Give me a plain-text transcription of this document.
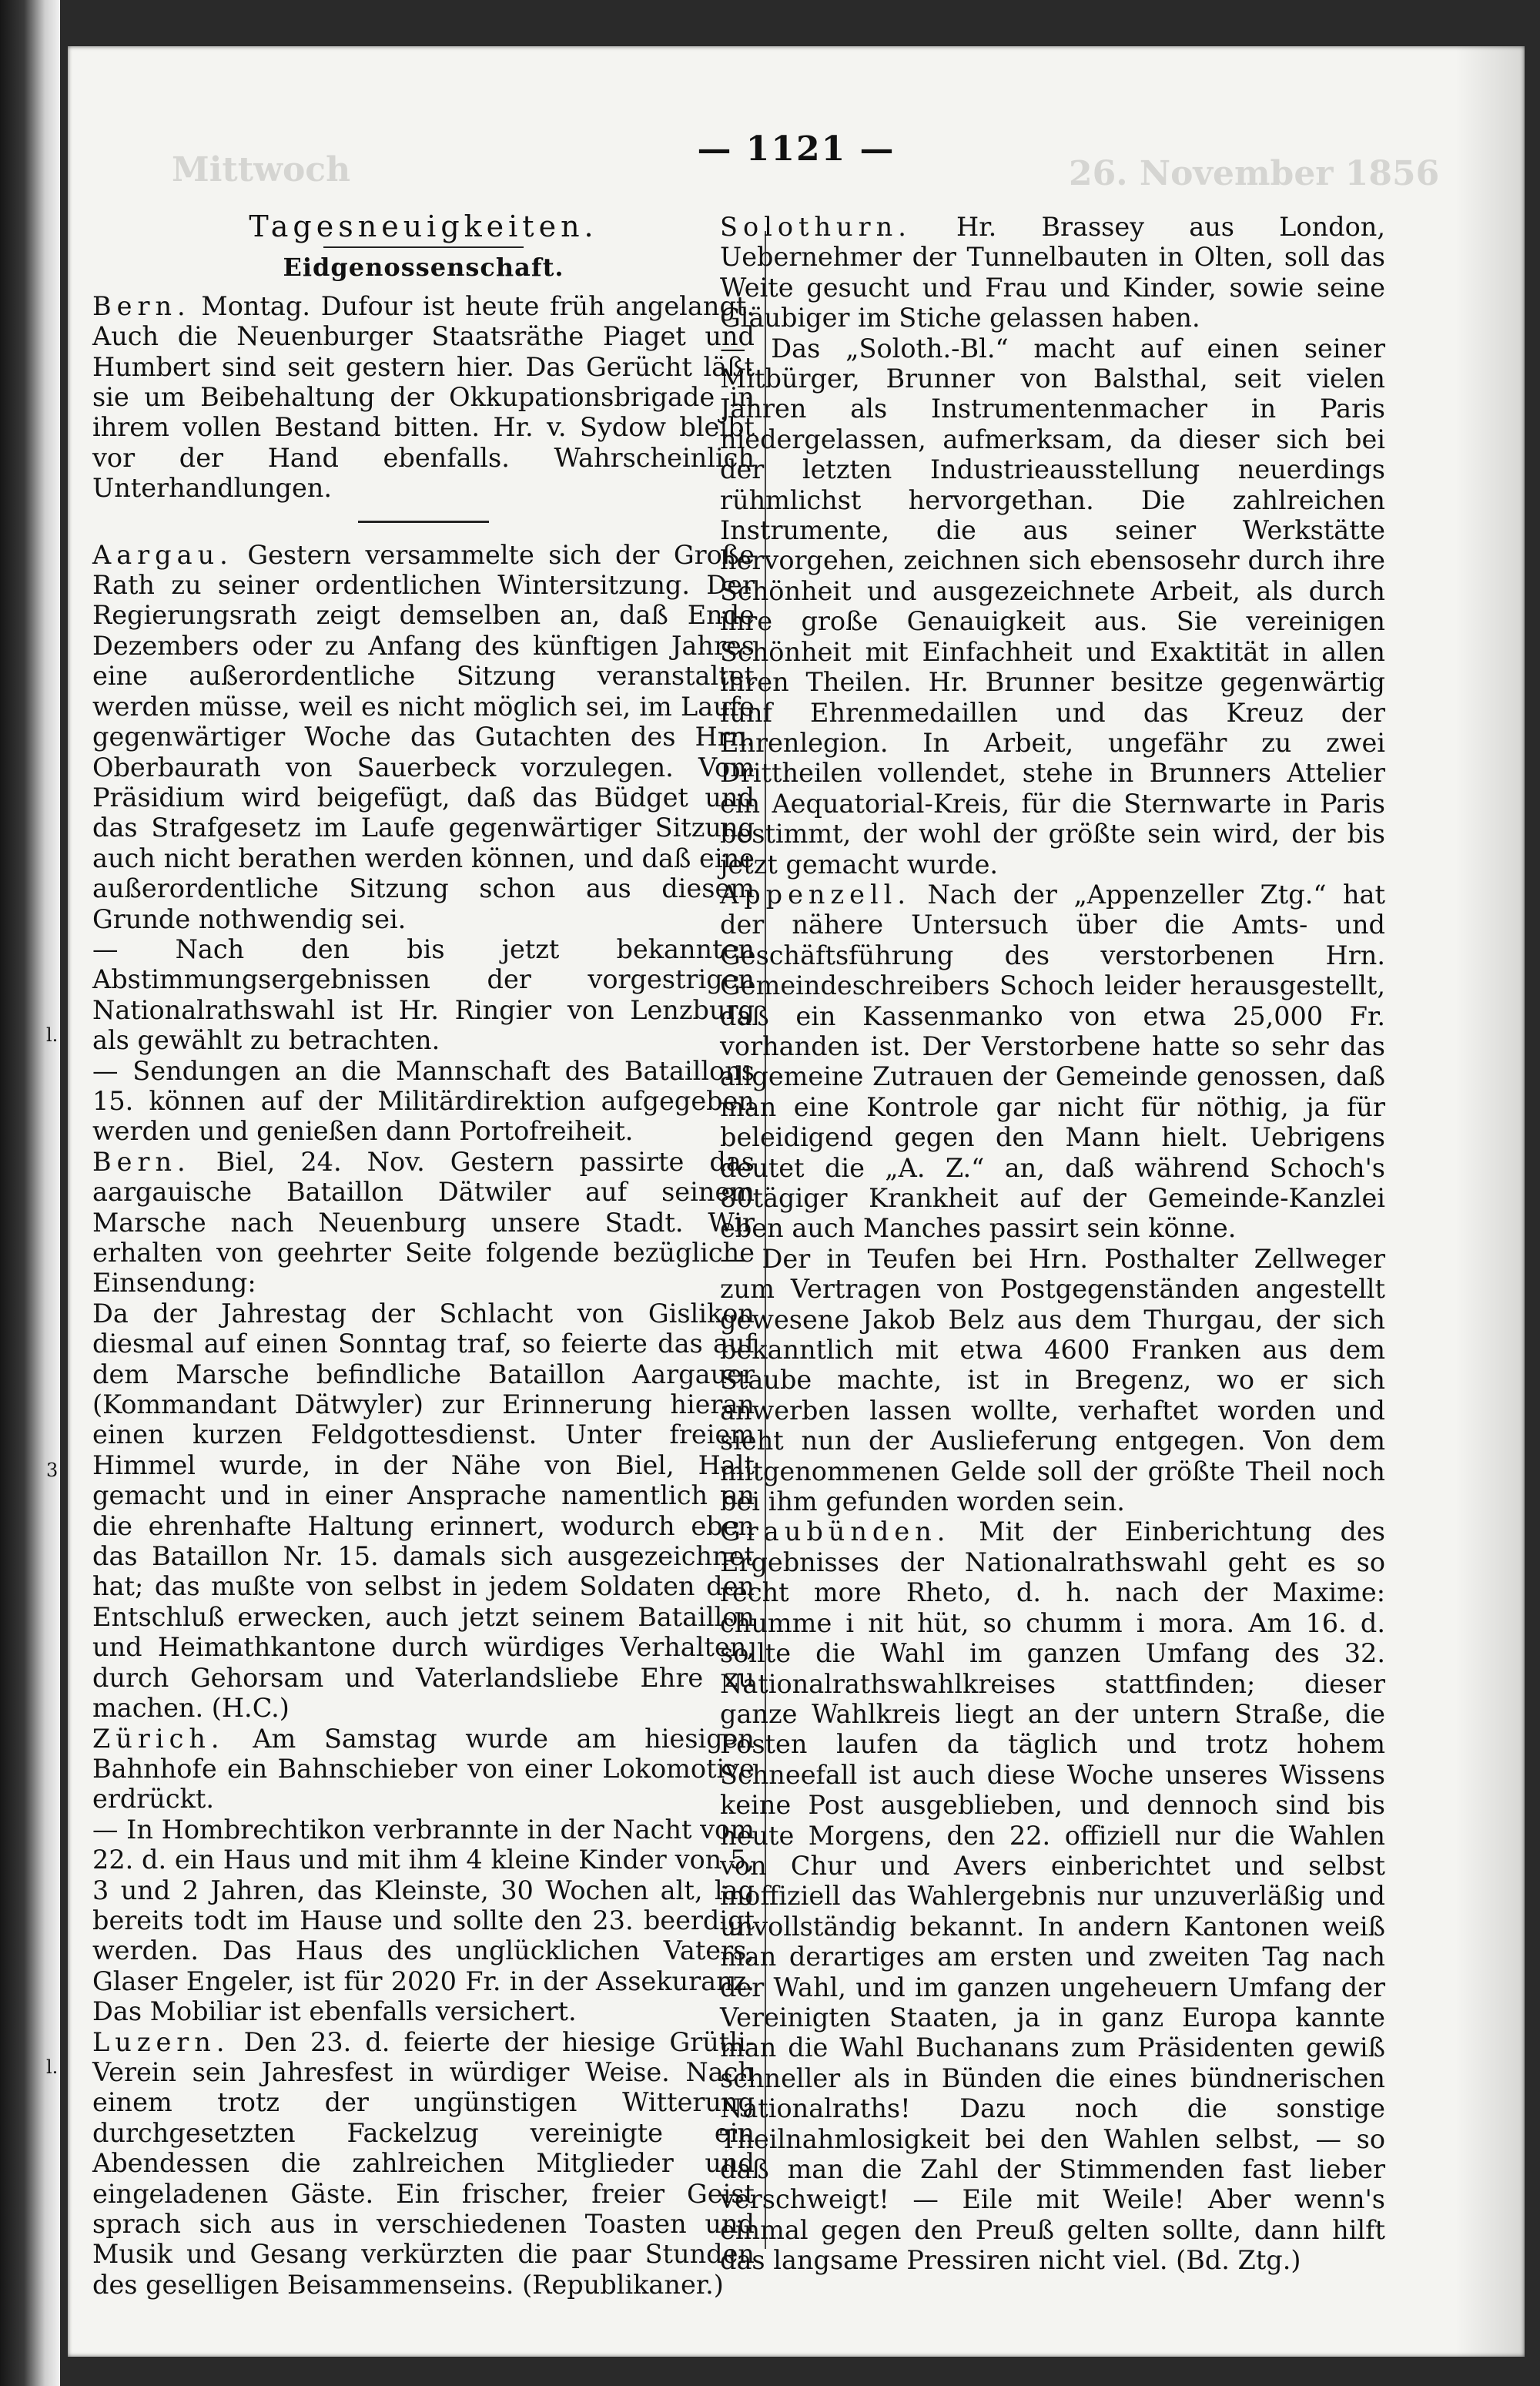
l.
3
l.
Mittwoch	26. November 1856
— 1121 —
Tagesneuigkeiten.
Eidgenossenschaft.

Bern. Montag. Dufour ist heute früh angelangt. Auch die Neuenburger Staatsräthe Piaget und Humbert sind seit gestern hier. Das Gerücht läßt sie um Beibehaltung der Okkupationsbrigade in ihrem vollen Bestand bitten. Hr. v. Sydow bleibt vor der Hand ebenfalls. Wahrscheinlich Unterhandlungen.

Aargau. Gestern versammelte sich der Große Rath zu seiner ordentlichen Wintersitzung. Der Regierungsrath zeigt demselben an, daß Ende Dezembers oder zu Anfang des künftigen Jahres eine außerordentliche Sitzung veranstaltet werden müsse, weil es nicht möglich sei, im Laufe gegenwärtiger Woche das Gutachten des Hrn. Oberbaurath von Sauerbeck vorzulegen. Vom Präsidium wird beigefügt, daß das Büdget und das Strafgesetz im Laufe gegenwärtiger Sitzung auch nicht berathen werden können, und daß eine außerordentliche Sitzung schon aus diesem Grunde nothwendig sei.

— Nach den bis jetzt bekannten Abstimmungsergebnissen der vorgestrigen Nationalrathswahl ist Hr. Ringier von Lenzburg als gewählt zu betrachten.

— Sendungen an die Mannschaft des Bataillons 15. können auf der Militärdirektion aufgegeben werden und genießen dann Portofreiheit.

Bern. Biel, 24. Nov. Gestern passirte das aargauische Bataillon Dätwiler auf seinem Marsche nach Neuenburg unsere Stadt. Wir erhalten von geehrter Seite folgende bezügliche Einsendung:

Da der Jahrestag der Schlacht von Gislikon diesmal auf einen Sonntag traf, so feierte das auf dem Marsche befindliche Bataillon Aargauer (Kommandant Dätwyler) zur Erinnerung hieran einen kurzen Feldgottesdienst. Unter freiem Himmel wurde, in der Nähe von Biel, Halt gemacht und in einer Ansprache namentlich an die ehrenhafte Haltung erinnert, wodurch eben das Bataillon Nr. 15. damals sich ausgezeichnet hat; das mußte von selbst in jedem Soldaten den Entschluß erwecken, auch jetzt seinem Bataillon und Heimathkantone durch würdiges Verhalten, durch Gehorsam und Vaterlandsliebe Ehre zu machen. (H.C.)

Zürich. Am Samstag wurde am hiesigen Bahnhofe ein Bahnschieber von einer Lokomotive erdrückt.

— In Hombrechtikon verbrannte in der Nacht vom 22. d. ein Haus und mit ihm 4 kleine Kinder von 5, 3 und 2 Jahren, das Kleinste, 30 Wochen alt, lag bereits todt im Hause und sollte den 23. beerdigt werden. Das Haus des unglücklichen Vaters, Glaser Engeler, ist für 2020 Fr. in der Assekuranz. Das Mobiliar ist ebenfalls versichert.

Luzern. Den 23. d. feierte der hiesige Grütli-Verein sein Jahresfest in würdiger Weise. Nach einem trotz der ungünstigen Witterung durchgesetzten Fackelzug vereinigte ein Abendessen die zahlreichen Mitglieder und eingeladenen Gäste. Ein frischer, freier Geist sprach sich aus in verschiedenen Toasten und Musik und Gesang verkürzten die paar Stunden des geselligen Beisammenseins. (Republikaner.)

Solothurn. Hr. Brassey aus London, Uebernehmer der Tunnelbauten in Olten, soll das Weite gesucht und Frau und Kinder, sowie seine Gläubiger im Stiche gelassen haben.

— Das „Soloth.-Bl.“ macht auf einen seiner Mitbürger, Brunner von Balsthal, seit vielen Jahren als Instrumentenmacher in Paris niedergelassen, aufmerksam, da dieser sich bei der letzten Industrieausstellung neuerdings rühmlichst hervorgethan. Die zahlreichen Instrumente, die aus seiner Werkstätte hervorgehen, zeichnen sich ebensosehr durch ihre Schönheit und ausgezeichnete Arbeit, als durch ihre große Genauigkeit aus. Sie vereinigen Schönheit mit Einfachheit und Exaktität in allen ihren Theilen. Hr. Brunner besitze gegenwärtig fünf Ehrenmedaillen und das Kreuz der Ehrenlegion. In Arbeit, ungefähr zu zwei Drittheilen vollendet, stehe in Brunners Attelier ein Aequatorial-Kreis, für die Sternwarte in Paris bestimmt, der wohl der größte sein wird, der bis jetzt gemacht wurde.

Appenzell. Nach der „Appenzeller Ztg.“ hat der nähere Untersuch über die Amts- und Geschäftsführung des verstorbenen Hrn. Gemeindeschreibers Schoch leider herausgestellt, daß ein Kassenmanko von etwa 25,000 Fr. vorhanden ist. Der Verstorbene hatte so sehr das allgemeine Zutrauen der Gemeinde genossen, daß man eine Kontrole gar nicht für nöthig, ja für beleidigend gegen den Mann hielt. Uebrigens deutet die „A. Z.“ an, daß während Schoch's 80tägiger Krankheit auf der Gemeinde-Kanzlei eben auch Manches passirt sein könne.

— Der in Teufen bei Hrn. Posthalter Zellweger zum Vertragen von Postgegenständen angestellt gewesene Jakob Belz aus dem Thurgau, der sich bekanntlich mit etwa 4600 Franken aus dem Staube machte, ist in Bregenz, wo er sich anwerben lassen wollte, verhaftet worden und sieht nun der Auslieferung entgegen. Von dem mitgenommenen Gelde soll der größte Theil noch bei ihm gefunden worden sein.

Graubünden. Mit der Einberichtung des Ergebnisses der Nationalrathswahl geht es so recht more Rheto, d. h. nach der Maxime: chumme i nit hüt, so chumm i mora. Am 16. d. sollte die Wahl im ganzen Umfang des 32. Nationalrathswahlkreises stattfinden; dieser ganze Wahlkreis liegt an der untern Straße, die Posten laufen da täglich und trotz hohem Schneefall ist auch diese Woche unseres Wissens keine Post ausgeblieben, und dennoch sind bis heute Morgens, den 22. offiziell nur die Wahlen von Chur und Avers einberichtet und selbst inoffiziell das Wahlergebnis nur unzuverläßig und unvollständig bekannt. In andern Kantonen weiß man derartiges am ersten und zweiten Tag nach der Wahl, und im ganzen ungeheuern Umfang der Vereinigten Staaten, ja in ganz Europa kannte man die Wahl Buchanans zum Präsidenten gewiß schneller als in Bünden die eines bündnerischen Nationalraths! Dazu noch die sonstige Theilnahmlosigkeit bei den Wahlen selbst, — so daß man die Zahl der Stimmenden fast lieber verschweigt! — Eile mit Weile! Aber wenn's einmal gegen den Preuß gelten sollte, dann hilft das langsame Pressiren nicht viel. (Bd. Ztg.)
